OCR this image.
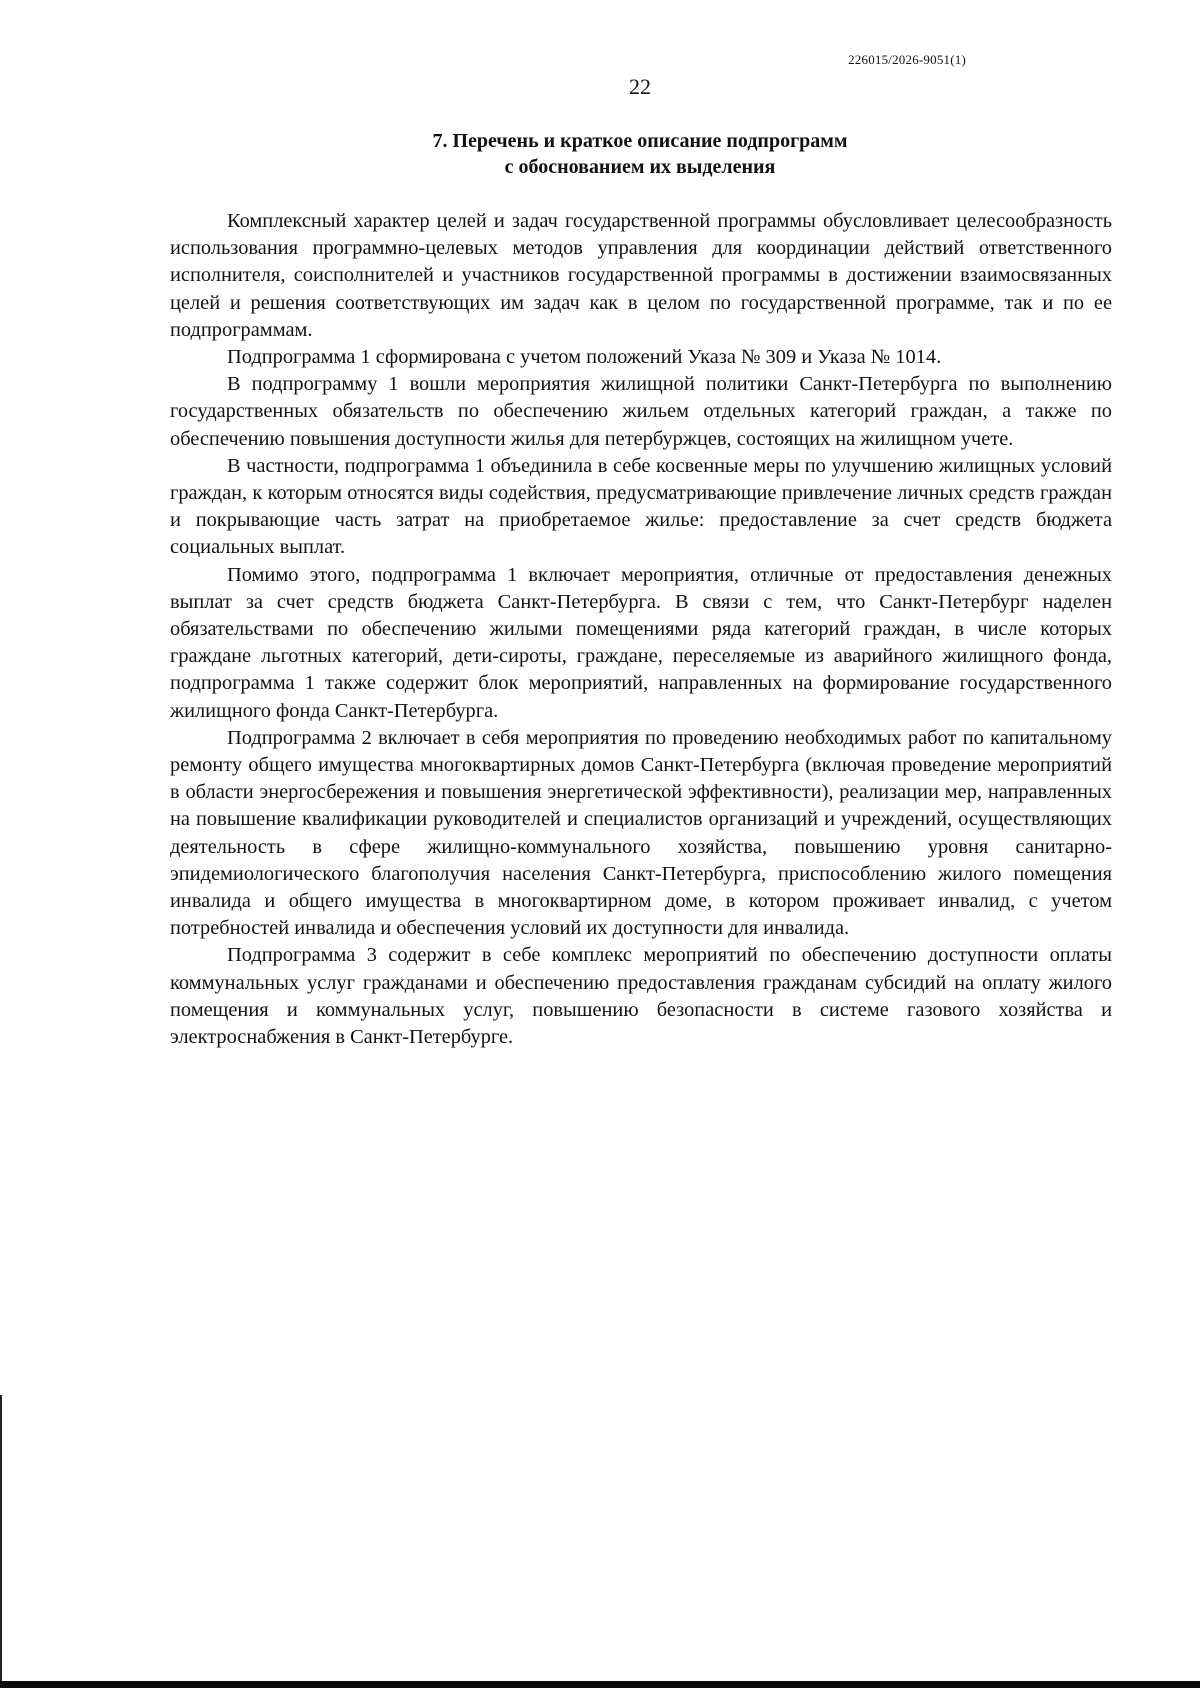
226015/2026-9051(1)
22
7. Перечень и краткое описание подпрограмм
с обоснованием их выделения

Комплексный характер целей и задач государственной программы обусловливает целесообразность использования программно-целевых методов управления для координации действий ответственного исполнителя, соисполнителей и участников государственной программы в достижении взаимосвязанных целей и решения соответствующих им задач как в целом по государственной программе, так и по ее подпрограммам.

Подпрограмма 1 сформирована с учетом положений Указа № 309 и Указа № 1014.

В подпрограмму 1 вошли мероприятия жилищной политики Санкт-Петербурга по выполнению государственных обязательств по обеспечению жильем отдельных категорий граждан, а также по обеспечению повышения доступности жилья для петербуржцев, состоящих на жилищном учете.

В частности, подпрограмма 1 объединила в себе косвенные меры по улучшению жилищных условий граждан, к которым относятся виды содействия, предусматривающие привлечение личных средств граждан и покрывающие часть затрат на приобретаемое жилье: предоставление за счет средств бюджета социальных выплат.

Помимо этого, подпрограмма 1 включает мероприятия, отличные от предоставления денежных выплат за счет средств бюджета Санкт-Петербурга. В связи с тем, что Санкт-Петербург наделен обязательствами по обеспечению жилыми помещениями ряда категорий граждан, в числе которых граждане льготных категорий, дети-сироты, граждане, переселяемые из аварийного жилищного фонда, подпрограмма 1 также содержит блок мероприятий, направленных на формирование государственного жилищного фонда Санкт-Петербурга.

Подпрограмма 2 включает в себя мероприятия по проведению необходимых работ по капитальному ремонту общего имущества многоквартирных домов Санкт-Петербурга (включая проведение мероприятий в области энергосбережения и повышения энергетической эффективности), реализации мер, направленных на повышение квалификации руководителей и специалистов организаций и учреждений, осуществляющих деятельность в сфере жилищно-коммунального хозяйства, повышению уровня санитарно-эпидемиологического благополучия населения Санкт-Петербурга, приспособлению жилого помещения инвалида и общего имущества в многоквартирном доме, в котором проживает инвалид, с учетом потребностей инвалида и обеспечения условий их доступности для инвалида.

Подпрограмма 3 содержит в себе комплекс мероприятий по обеспечению доступности оплаты коммунальных услуг гражданами и обеспечению предоставления гражданам субсидий на оплату жилого помещения и коммунальных услуг, повышению безопасности в системе газового хозяйства и электроснабжения в Санкт-Петербурге.
